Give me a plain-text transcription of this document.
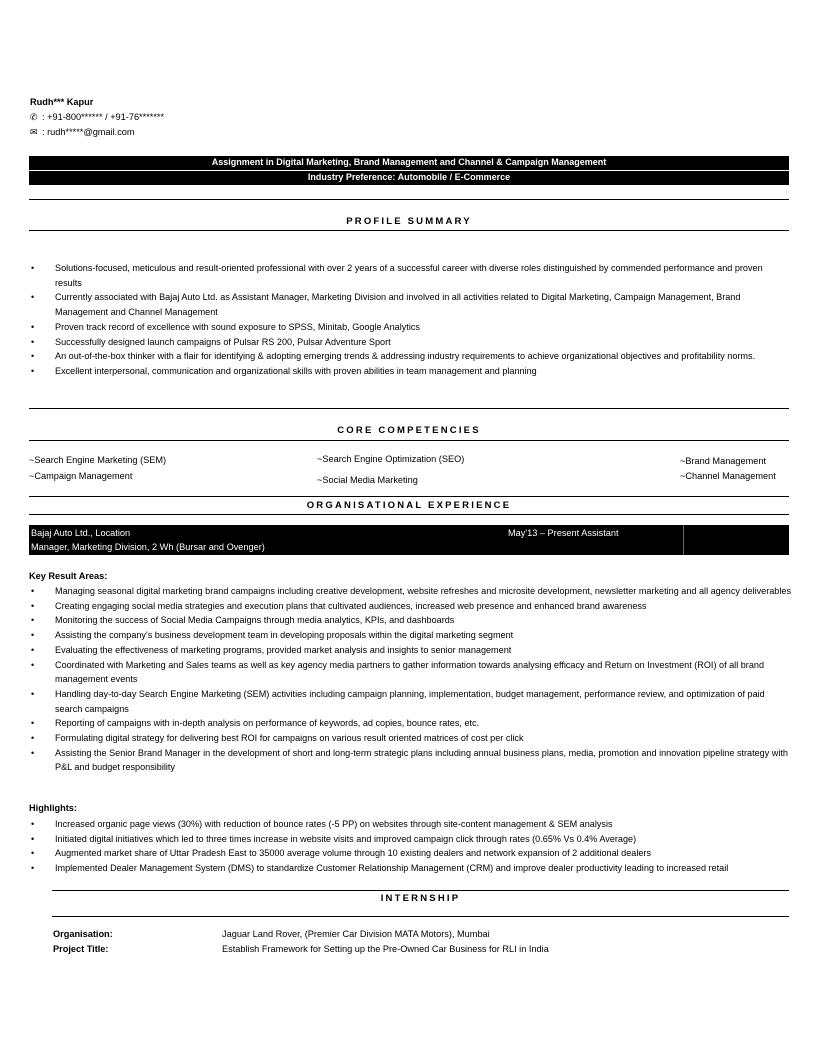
Rudh*** Kapur
✆ : +91-800****** / +91-76*******
✉ : rudh*****@gmail.com
Assignment in Digital Marketing, Brand Management and Channel & Campaign Management
Industry Preference: Automobile / E-Commerce
PROFILE SUMMARY
• Solutions-focused, meticulous and result-oriented professional with over 2 years of a successful career with diverse roles distinguished by commended performance and proven results
• Currently associated with Bajaj Auto Ltd. as Assistant Manager, Marketing Division and involved in all activities related to Digital Marketing, Campaign Management, Brand Management and Channel Management
• Proven track record of excellence with sound exposure to SPSS, Minitab, Google Analytics
• Successfully designed launch campaigns of Pulsar RS 200, Pulsar Adventure Sport
• An out-of-the-box thinker with a flair for identifying & adopting emerging trends & addressing industry requirements to achieve organizational objectives and profitability norms.
• Excellent interpersonal, communication and organizational skills with proven abilities in team management and planning
CORE COMPETENCIES
~Search Engine Marketing (SEM)
~Campaign Management
~Search Engine Optimization (SEO)
~Social Media Marketing
~Brand Management
~Channel Management
ORGANISATIONAL EXPERIENCE
Bajaj Auto Ltd., Location
Manager, Marketing Division, 2 Wh (Bursar and Ovenger)
May'13 – Present Assistant
Key Result Areas:
• Managing seasonal digital marketing brand campaigns including creative development, website refreshes and microsite development, newsletter marketing and all agency deliverables
• Creating engaging social media strategies and execution plans that cultivated audiences, increased web presence and enhanced brand awareness
• Monitoring the success of Social Media Campaigns through media analytics, KPIs, and dashboards
• Assisting the company's business development team in developing proposals within the digital marketing segment
• Evaluating the effectiveness of marketing programs, provided market analysis and insights to senior management
• Coordinated with Marketing and Sales teams as well as key agency media partners to gather information towards analysing efficacy and Return on Investment (ROI) of all brand management events
• Handling day-to-day Search Engine Marketing (SEM) activities including campaign planning, implementation, budget management, performance review, and optimization of paid search campaigns
• Reporting of campaigns with in-depth analysis on performance of keywords, ad copies, bounce rates, etc.
• Formulating digital strategy for delivering best ROI for campaigns on various result oriented matrices of cost per click
• Assisting the Senior Brand Manager in the development of short and long-term strategic plans including annual business plans, media, promotion and innovation pipeline strategy with P&L and budget responsibility
Highlights:
• Increased organic page views (30%) with reduction of bounce rates (-5 PP) on websites through site-content management & SEM analysis
• Initiated digital initiatives which led to three times increase in website visits and improved campaign click through rates (0.65% Vs 0.4% Average)
• Augmented market share of Uttar Pradesh East to 35000 average volume through 10 existing dealers and network expansion of 2 additional dealers
• Implemented Dealer Management System (DMS) to standardize Customer Relationship Management (CRM) and improve dealer productivity leading to increased retail
INTERNSHIP
Organisation:	Jaguar Land Rover, (Premier Car Division MATA Motors), Mumbai
Project Title:	Establish Framework for Setting up the Pre-Owned Car Business for RLI in India
